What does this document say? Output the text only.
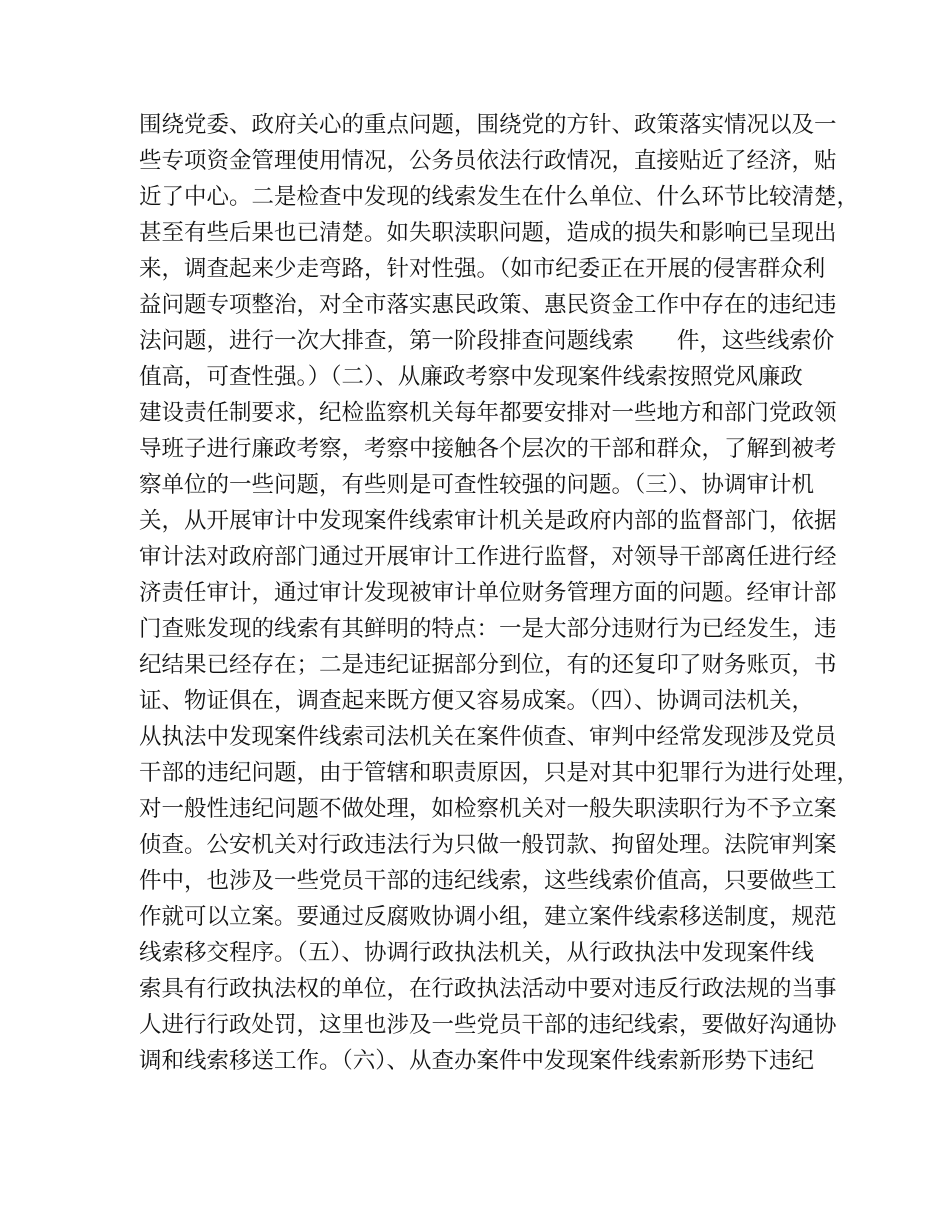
围绕党委、政府关心的重点问题，围绕党的方针、政策落实情况以及一
些专项资金管理使用情况，公务员依法行政情况，直接贴近了经济，贴
近了中心。二是检查中发现的线索发生在什么单位、什么环节比较清楚，
甚至有些后果也已清楚。如失职渎职问题，造成的损失和影响已呈现出
来，调查起来少走弯路，针对性强。（如市纪委正在开展的侵害群众利
益问题专项整治，对全市落实惠民政策、惠民资金工作中存在的违纪违
法问题，进行一次大排查，第一阶段排查问题线索      件，这些线索价
值高，可查性强。）（二）、从廉政考察中发现案件线索按照党风廉政
建设责任制要求，纪检监察机关每年都要安排对一些地方和部门党政领
导班子进行廉政考察，考察中接触各个层次的干部和群众，了解到被考
察单位的一些问题，有些则是可查性较强的问题。（三）、协调审计机
关，从开展审计中发现案件线索审计机关是政府内部的监督部门，依据
审计法对政府部门通过开展审计工作进行监督，对领导干部离任进行经
济责任审计，通过审计发现被审计单位财务管理方面的问题。经审计部
门查账发现的线索有其鲜明的特点：一是大部分违财行为已经发生，违
纪结果已经存在；二是违纪证据部分到位，有的还复印了财务账页，书
证、物证俱在，调查起来既方便又容易成案。（四）、协调司法机关，
从执法中发现案件线索司法机关在案件侦查、审判中经常发现涉及党员
干部的违纪问题，由于管辖和职责原因，只是对其中犯罪行为进行处理，
对一般性违纪问题不做处理，如检察机关对一般失职渎职行为不予立案
侦查。公安机关对行政违法行为只做一般罚款、拘留处理。法院审判案
件中，也涉及一些党员干部的违纪线索，这些线索价值高，只要做些工
作就可以立案。要通过反腐败协调小组，建立案件线索移送制度，规范
线索移交程序。（五）、协调行政执法机关，从行政执法中发现案件线
索具有行政执法权的单位，在行政执法活动中要对违反行政法规的当事
人进行行政处罚，这里也涉及一些党员干部的违纪线索，要做好沟通协
调和线索移送工作。（六）、从查办案件中发现案件线索新形势下违纪
